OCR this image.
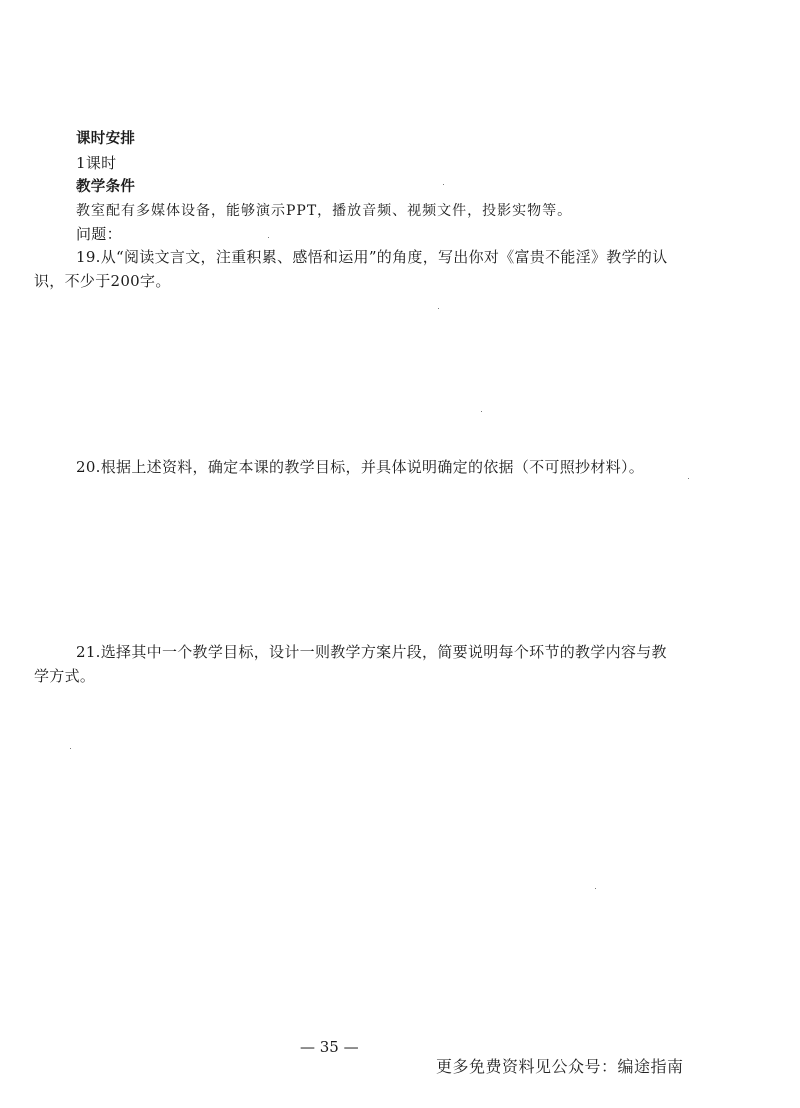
课时安排
1课时
教学条件
教室配有多媒体设备，能够演示PPT，播放音频、视频文件，投影实物等。
问题：
19.从“阅读文言文，注重积累、感悟和运用”的角度，写出你对《富贵不能淫》教学的认
识，不少于200字。
20.根据上述资料，确定本课的教学目标，并具体说明确定的依据（不可照抄材料）。
21.选择其中一个教学目标，设计一则教学方案片段，简要说明每个环节的教学内容与教
学方式。
— 35 —
更多免费资料见公众号：编途指南
